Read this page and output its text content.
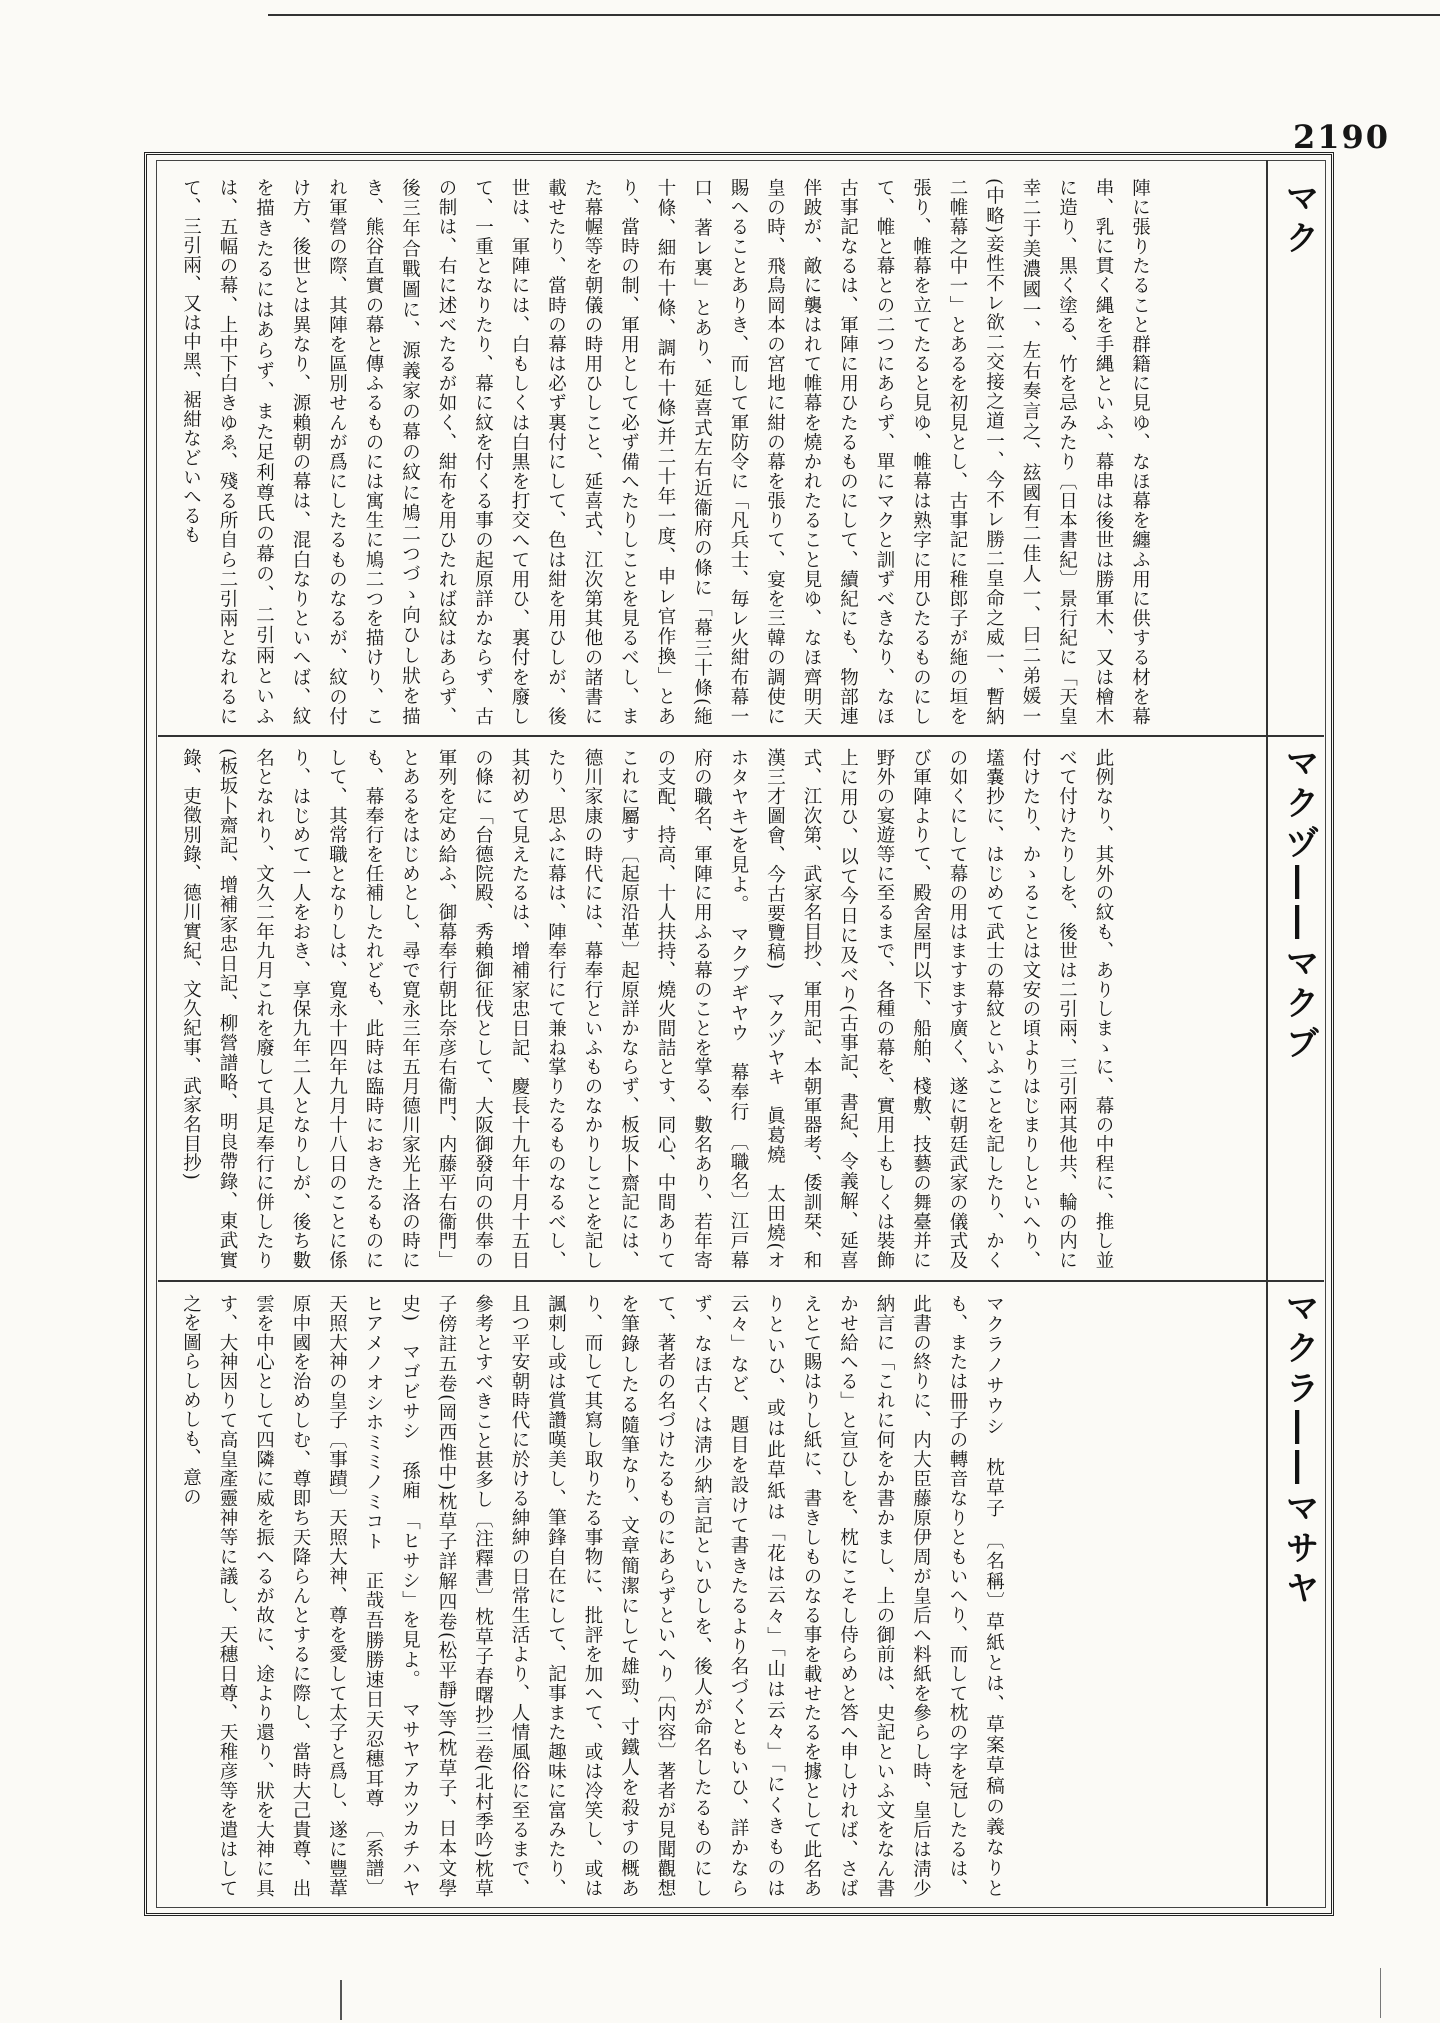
2190
マク
マクヅ――マクブ
マクラ――マサヤ
陣に張りたること群籍に見ゆ、なほ幕を纏ふ用に供する材を幕串、乳に貫く縄を手縄といふ、幕串は後世は勝軍木、又は檜木に造り、黒く塗る、竹を忌みたり〔日本書紀〕景行紀に「天皇幸二于美濃國一、左右奏言之、玆國有二佳人一、曰二弟媛一(中略)妾性不レ欲二交接之道一、今不レ勝二皇命之威一、暫納二帷幕之中一」とあるを初見とし、古事記に稚郎子が絁の垣を張り、帷幕を立てたると見ゆ、帷幕は熟字に用ひたるものにして、帷と幕との二つにあらず、單にマクと訓ずべきなり、なほ古事記なるは、軍陣に用ひたるものにして、續紀にも、物部連伴跛が、敵に襲はれて帷幕を燒かれたること見ゆ、なほ齊明天皇の時、飛鳥岡本の宮地に紺の幕を張りて、宴を三韓の調使に賜へることありき、而して軍防令に「凡兵士、毎レ火紺布幕一口、著レ裏」とあり、延喜式左右近衞府の條に「幕三十條(絁十條、細布十條、調布十條)并二十年一度、申レ官作換」とあり、當時の制、軍用として必ず備へたりしことを見るべし、また幕幄等を朝儀の時用ひしこと、延喜式、江次第其他の諸書に載せたり、當時の幕は必ず裏付にして、色は紺を用ひしが、後世は、軍陣には、白もしくは白黒を打交へて用ひ、裏付を廢して、一重となりたり、幕に紋を付くる事の起原詳かならず、古の制は、右に述べたるが如く、紺布を用ひたれば紋はあらず、後三年合戰圖に、源義家の幕の紋に鳩二つづゝ向ひし狀を描き、熊谷直實の幕と傳ふるものには寓生に鳩二つを描けり、これ軍營の際、其陣を區別せんが爲にしたるものなるが、紋の付け方、後世とは異なり、源賴朝の幕は、混白なりといへば、紋を描きたるにはあらず、また足利尊氏の幕の、二引兩といふは、五幅の幕、上中下白きゆゑ、殘る所自ら二引兩となれるにて、三引兩、又は中黑、裾紺などいへるも
此例なり、其外の紋も、ありしまゝに、幕の中程に、推し並べて付けたりしを、後世は二引兩、三引兩其他共、輪の内に付けたり、かゝることは文安の頃よりはじまりしといへり、壒嚢抄に、はじめて武士の幕紋といふことを記したり、かくの如くにして幕の用はますます廣く、遂に朝廷武家の儀式及び軍陣よりて、殿舍屋門以下、船舶、棧敷、技藝の舞臺并に野外の宴遊等に至るまで、各種の幕を、實用上もしくは裝飾上に用ひ、以て今日に及べり(古事記、書紀、令義解、延喜式、江次第、武家名目抄、軍用記、本朝軍器考、倭訓栞、和漢三才圖會、今古要覽稿)　マクヅヤキ　眞葛燒　太田燒(オホタヤキ)を見よ。　マクブギヤウ　幕奉行　〔職名〕江戸幕府の職名、軍陣に用ふる幕のことを掌る、數名あり、若年寄の支配、持高、十人扶持、燒火間詰とす、同心、中間ありてこれに屬す〔起原沿革〕起原詳かならず、板坂卜齋記には、德川家康の時代には、幕奉行といふものなかりしことを記したり、思ふに幕は、陣奉行にて兼ね掌りたるものなるべし、其初めて見えたるは、增補家忠日記、慶長十九年十月十五日の條に「台德院殿、秀賴御征伐として、大阪御發向の供奉の軍列を定め給ふ、御幕奉行朝比奈彦右衞門、内藤平右衞門」とあるをはじめとし、尋で寛永三年五月德川家光上洛の時にも、幕奉行を任補したれども、此時は臨時におきたるものにして、其常職となりしは、寛永十四年九月十八日のことに係り、はじめて一人をおき、享保九年二人となりしが、後ち數名となれり、文久二年九月これを廢して具足奉行に併したり(板坂卜齋記、增補家忠日記、柳營譜略、明良帶錄、東武實錄、吏徵別錄、德川實紀、文久紀事、武家名目抄)
マクラノサウシ　枕草子　〔名稱〕草紙とは、草案草稿の義なりとも、または冊子の轉音なりともいへり、而して枕の字を冠したるは、此書の終りに、内大臣藤原伊周が皇后へ料紙を參らし時、皇后は淸少納言に「これに何をか書かまし、上の御前は、史記といふ文をなん書かせ給へる」と宣ひしを、枕にこそし侍らめと答へ申しければ、さばえとて賜はりし紙に、書きしものなる事を載せたるを據として此名ありといひ、或は此草紙は「花は云々」「山は云々」「にくきものは云々」など、題目を設けて書きたるより名づくともいひ、詳かならず、なほ古くは淸少納言記といひしを、後人が命名したるものにして、著者の名づけたるものにあらずといへり〔内容〕著者が見聞觀想を筆錄したる隨筆なり、文章簡潔にして雄勁、寸鐵人を殺すの概あり、而して其寫し取りたる事物に、批評を加へて、或は冷笑し、或は諷刺し或は賞讚嘆美し、筆鋒自在にして、記事また趣味に富みたり、且つ平安朝時代に於ける紳紳の日常生活より、人情風俗に至るまで、參考とすべきこと甚多し〔注釋書〕枕草子春曙抄三卷(北村季吟)枕草子傍註五卷(岡西惟中)枕草子詳解四卷(松平靜)等(枕草子、日本文學史)　マゴビサシ　孫廂　「ヒサシ」を見よ。　マサヤアカツカチハヤヒアメノオシホミミノミコト　正哉吾勝勝速日天忍穗耳尊　〔系譜〕天照大神の皇子〔事蹟〕天照大神、尊を愛して太子と爲し、遂に豐葦原中國を治めしむ、尊即ち天降らんとするに際し、當時大己貴尊、出雲を中心として四隣に威を振へるが故に、途より還り、狀を大神に具す、大神因りて高皇產靈神等に議し、天穗日尊、天稚彦等を遣はして之を圖らしめしも、意の
